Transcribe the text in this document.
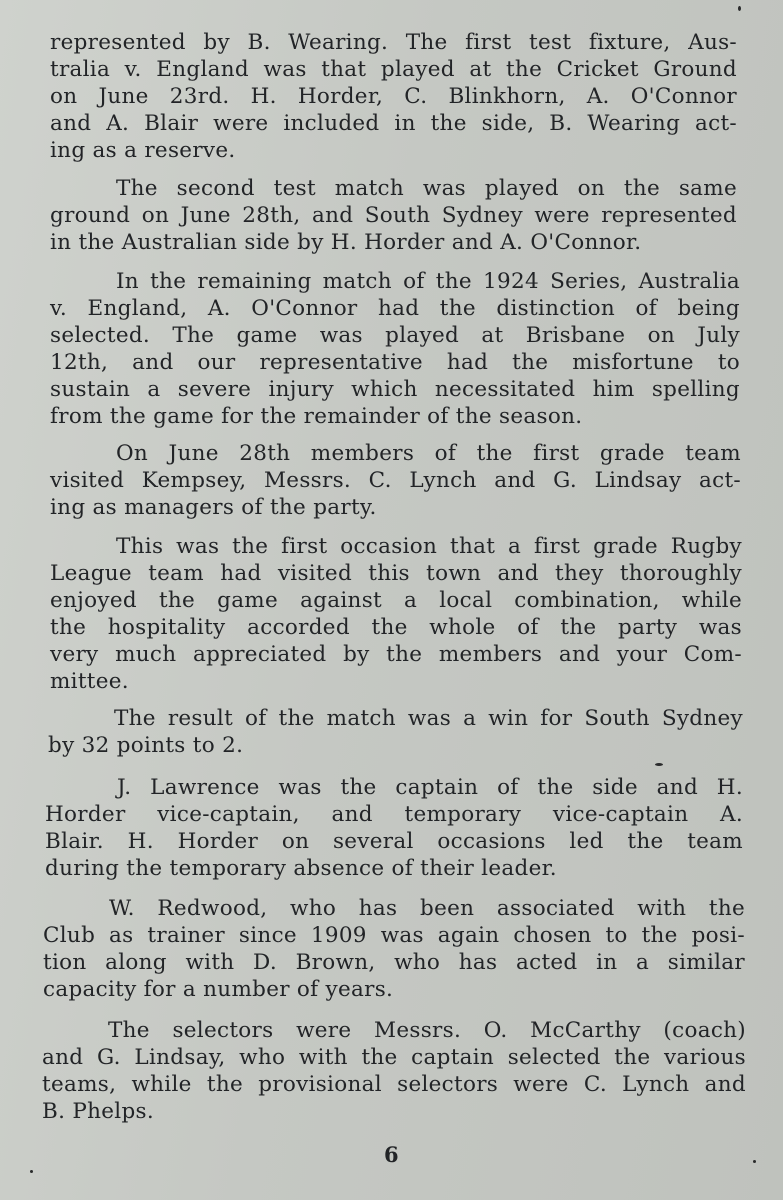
represented by B. Wearing. The first test fixture, Aus-
tralia v. England was that played at the Cricket Ground
on June 23rd. H. Horder, C. Blinkhorn, A. O'Connor
and A. Blair were included in the side, B. Wearing act-
ing as a reserve.
The second test match was played on the same
ground on June 28th, and South Sydney were represented
in the Australian side by H. Horder and A. O'Connor.
In the remaining match of the 1924 Series, Australia
v. England, A. O'Connor had the distinction of being
selected. The game was played at Brisbane on July
12th, and our representative had the misfortune to
sustain a severe injury which necessitated him spelling
from the game for the remainder of the season.
On June 28th members of the first grade team
visited Kempsey, Messrs. C. Lynch and G. Lindsay act-
ing as managers of the party.
This was the first occasion that a first grade Rugby
League team had visited this town and they thoroughly
enjoyed the game against a local combination, while
the hospitality accorded the whole of the party was
very much appreciated by the members and your Com-
mittee.
The result of the match was a win for South Sydney
by 32 points to 2.
J. Lawrence was the captain of the side and H.
Horder vice-captain, and temporary vice-captain A.
Blair. H. Horder on several occasions led the team
during the temporary absence of their leader.
W. Redwood, who has been associated with the
Club as trainer since 1909 was again chosen to the posi-
tion along with D. Brown, who has acted in a similar
capacity for a number of years.
The selectors were Messrs. O. McCarthy (coach)
and G. Lindsay, who with the captain selected the various
teams, while the provisional selectors were C. Lynch and
B. Phelps.
6
